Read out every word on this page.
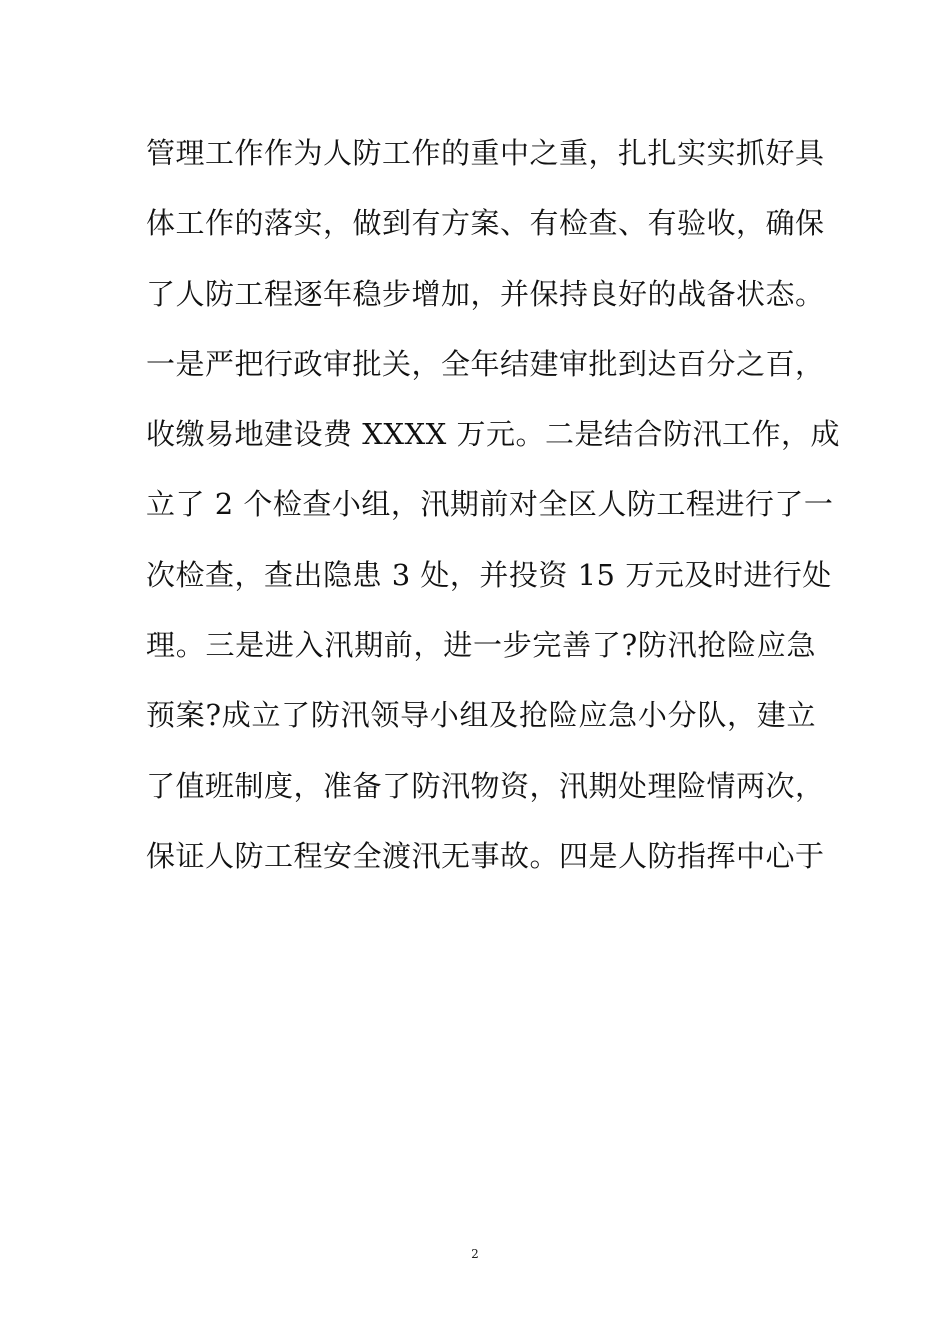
管理工作作为人防工作的重中之重，扎扎实实抓好具
体工作的落实，做到有方案、有检查、有验收，确保
了人防工程逐年稳步增加，并保持良好的战备状态。
一是严把行政审批关，全年结建审批到达百分之百，
收缴易地建设费 XXXX 万元。二是结合防汛工作，成
立了 2 个检查小组，汛期前对全区人防工程进行了一
次检查，查出隐患 3 处，并投资 15 万元及时进行处
理。三是进入汛期前，进一步完善了?防汛抢险应急
预案?成立了防汛领导小组及抢险应急小分队，建立
了值班制度，准备了防汛物资，汛期处理险情两次，
保证人防工程安全渡汛无事故。四是人防指挥中心于
2
